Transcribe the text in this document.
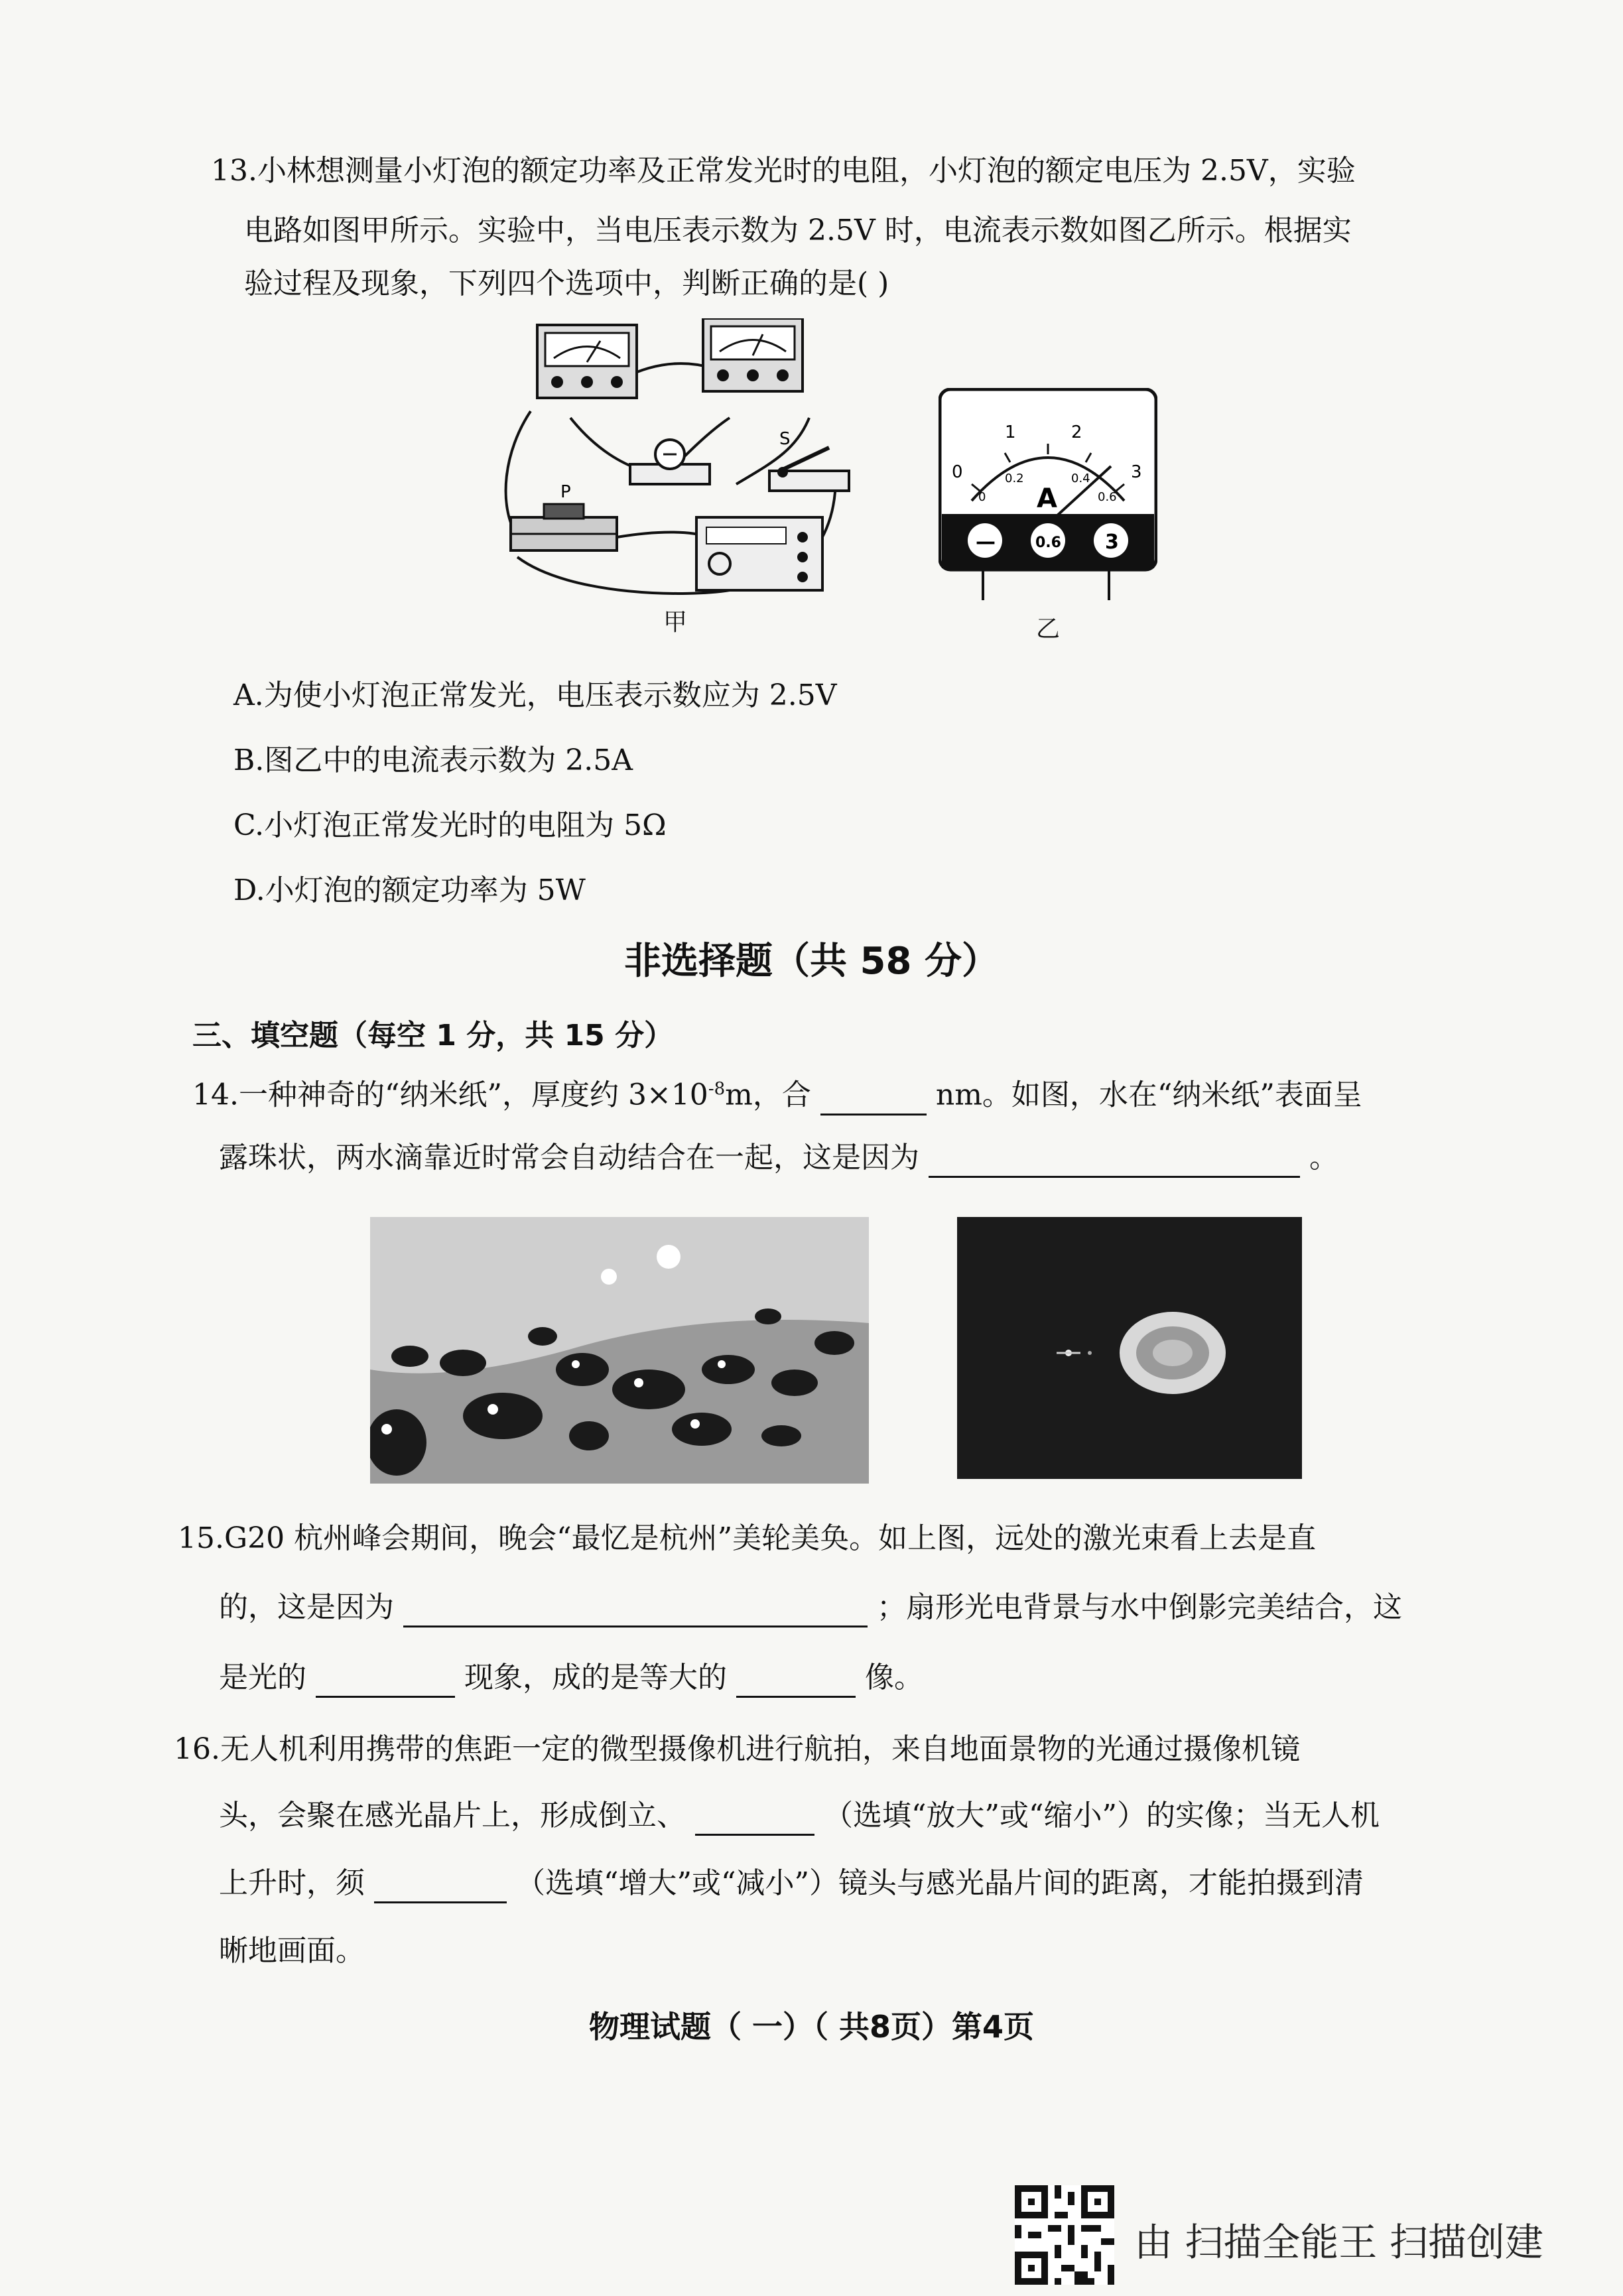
13.小林想测量小灯泡的额定功率及正常发光时的电阻，小灯泡的额定电压为 2.5V，实验
电路如图甲所示。实验中，当电压表示数为 2.5V 时，电流表示数如图乙所示。根据实
验过程及现象，下列四个选项中，判断正确的是( )
S
P
甲
0
1	2
3
0
0.2	0.4
0.6
A
—	0.6 3
乙
A.为使小灯泡正常发光，电压表示数应为 2.5V
B.图乙中的电流表示数为 2.5A
C.小灯泡正常发光时的电阻为 5Ω
D.小灯泡的额定功率为 5W
非选择题（共 58 分）
三、填空题（每空 1 分，共 15 分）
14.一种神奇的“纳米纸”，厚度约 $3\times 10^{-8}m$，合	nm。如图，水在“纳米纸”表面呈
露珠状，两水滴靠近时常会自动结合在一起，这是因为	。
15.G20 杭州峰会期间，晚会“最忆是杭州”美轮美奂。如上图，远处的激光束看上去是直
的，这是因为	；扇形光电背景与水中倒影完美结合，这
是光的	现象，成的是等大的	像。
16.无人机利用携带的焦距一定的微型摄像机进行航拍，来自地面景物的光通过摄像机镜
头，会聚在感光晶片上，形成倒立、	（选填“放大”或“缩小”）的实像；当无人机
上升时，须	（选填“增大”或“减小”）镜头与感光晶片间的距离，才能拍摄到清
晰地画面。
物理试题（ 一）（ 共8页）第4页
由 扫描全能王 扫描创建
